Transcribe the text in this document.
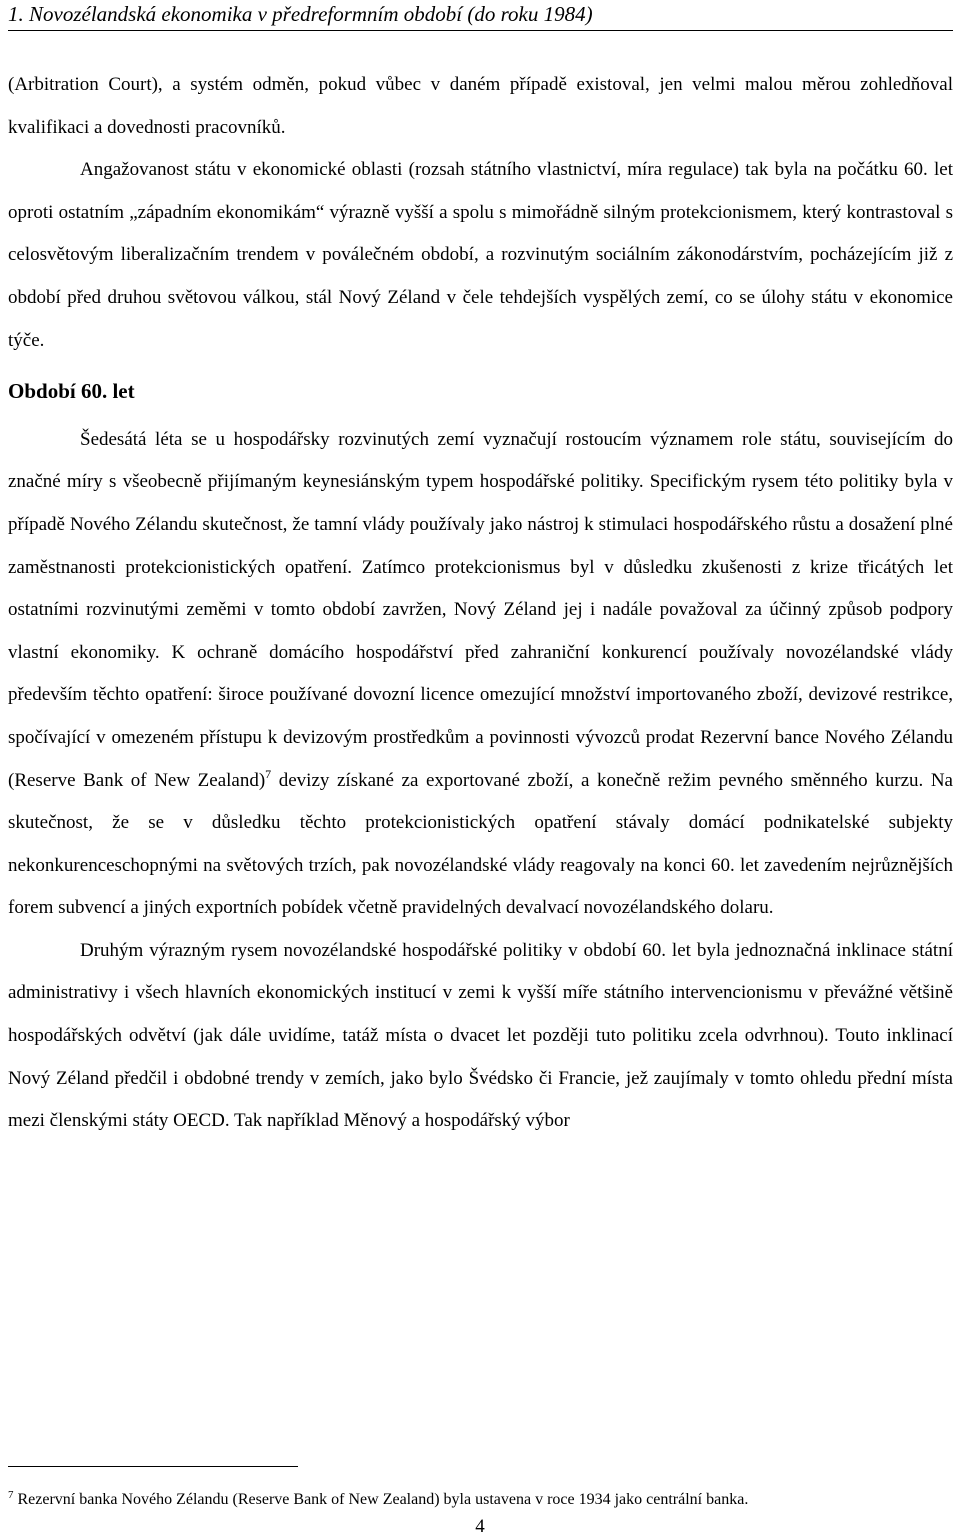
1. Novozélandská ekonomika v předreformním období (do roku 1984)

(Arbitration Court), a systém odměn, pokud vůbec v daném případě existoval, jen velmi malou měrou zohledňoval kvalifikaci a dovednosti pracovníků.

Angažovanost státu v ekonomické oblasti (rozsah státního vlastnictví, míra regulace) tak byla na počátku 60. let oproti ostatním „západním ekonomikám“ výrazně vyšší a spolu s mimořádně silným protekcionismem, který kontrastoval s celosvětovým liberalizačním trendem v poválečném období, a rozvinutým sociálním zákonodárstvím, pocházejícím již z období před druhou světovou válkou, stál Nový Zéland v čele tehdejších vyspělých zemí, co se úlohy státu v ekonomice týče.

Období 60. let

Šedesátá léta se u hospodářsky rozvinutých zemí vyznačují rostoucím významem role státu, souvisejícím do značné míry s všeobecně přijímaným keynesiánským typem hospodářské politiky. Specifickým rysem této politiky byla v případě Nového Zélandu skutečnost, že tamní vlády používaly jako nástroj k stimulaci hospodářského růstu a dosažení plné zaměstnanosti protekcionistických opatření. Zatímco protekcionismus byl v důsledku zkušenosti z krize třicátých let ostatními rozvinutými zeměmi v tomto období zavržen, Nový Zéland jej i nadále považoval za účinný způsob podpory vlastní ekonomiky. K ochraně domácího hospodářství před zahraniční konkurencí používaly novozélandské vlády především těchto opatření: široce používané dovozní licence omezující množství importovaného zboží, devizové restrikce, spočívající v omezeném přístupu k devizovým prostředkům a povinnosti vývozců prodat Rezervní bance Nového Zélandu (Reserve Bank of New Zealand)$^7$ devizy získané za exportované zboží, a konečně režim pevného směnného kurzu. Na skutečnost, že se v důsledku těchto protekcionistických opatření stávaly domácí podnikatelské subjekty nekonkurenceschopnými na světových trzích, pak novozélandské vlády reagovaly na konci 60. let zavedením nejrůznějších forem subvencí a jiných exportních pobídek včetně pravidelných devalvací novozélandského dolaru.

Druhým výrazným rysem novozélandské hospodářské politiky v období 60. let byla jednoznačná inklinace státní administrativy i všech hlavních ekonomických institucí v zemi k vyšší míře státního intervencionismu v převážné většině hospodářských odvětví (jak dále uvidíme, tatáž místa o dvacet let později tuto politiku zcela odvrhnou). Touto inklinací Nový Zéland předčil i obdobné trendy v zemích, jako bylo Švédsko či Francie, jež zaujímaly v tomto ohledu přední místa mezi členskými státy OECD. Tak například Měnový a hospodářský výbor

$^7$ Rezervní banka Nového Zélandu (Reserve Bank of New Zealand) byla ustavena v roce 1934 jako centrální banka.
4
